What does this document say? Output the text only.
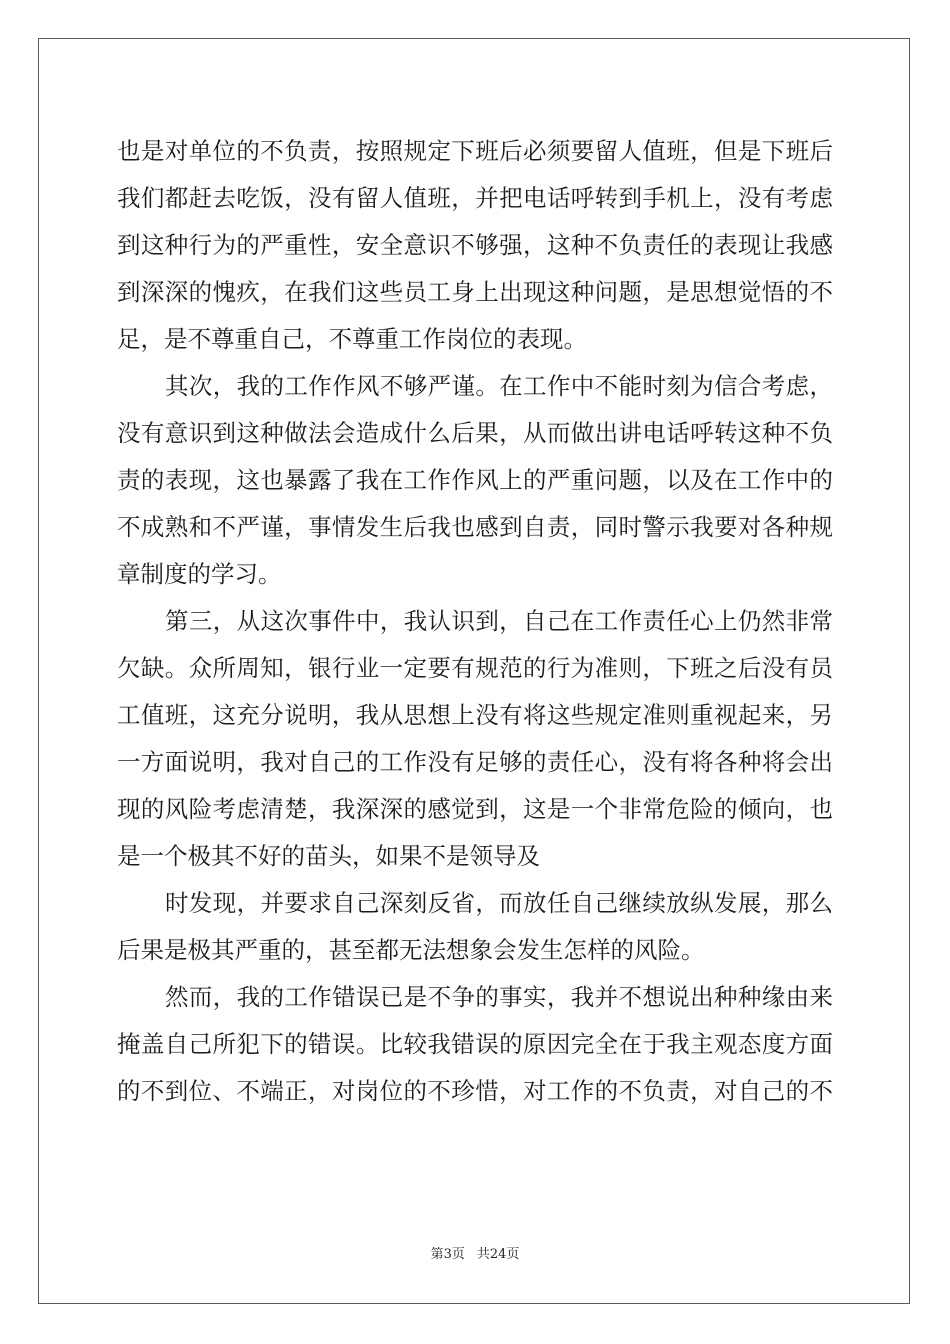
也是对单位的不负责，按照规定下班后必须要留人值班，但是下班后
我们都赶去吃饭，没有留人值班，并把电话呼转到手机上，没有考虑
到这种行为的严重性，安全意识不够强，这种不负责任的表现让我感
到深深的愧疚，在我们这些员工身上出现这种问题，是思想觉悟的不
足，是不尊重自己，不尊重工作岗位的表现。
其次，我的工作作风不够严谨。在工作中不能时刻为信合考虑，
没有意识到这种做法会造成什么后果，从而做出讲电话呼转这种不负
责的表现，这也暴露了我在工作作风上的严重问题，以及在工作中的
不成熟和不严谨，事情发生后我也感到自责，同时警示我要对各种规
章制度的学习。
第三，从这次事件中，我认识到，自己在工作责任心上仍然非常
欠缺。众所周知，银行业一定要有规范的行为准则，下班之后没有员
工值班，这充分说明，我从思想上没有将这些规定准则重视起来，另
一方面说明，我对自己的工作没有足够的责任心，没有将各种将会出
现的风险考虑清楚，我深深的感觉到，这是一个非常危险的倾向，也
是一个极其不好的苗头，如果不是领导及
时发现，并要求自己深刻反省，而放任自己继续放纵发展，那么
后果是极其严重的，甚至都无法想象会发生怎样的风险。
然而，我的工作错误已是不争的事实，我并不想说出种种缘由来
掩盖自己所犯下的错误。比较我错误的原因完全在于我主观态度方面
的不到位、不端正，对岗位的不珍惜，对工作的不负责，对自己的不
第3页 共24页
